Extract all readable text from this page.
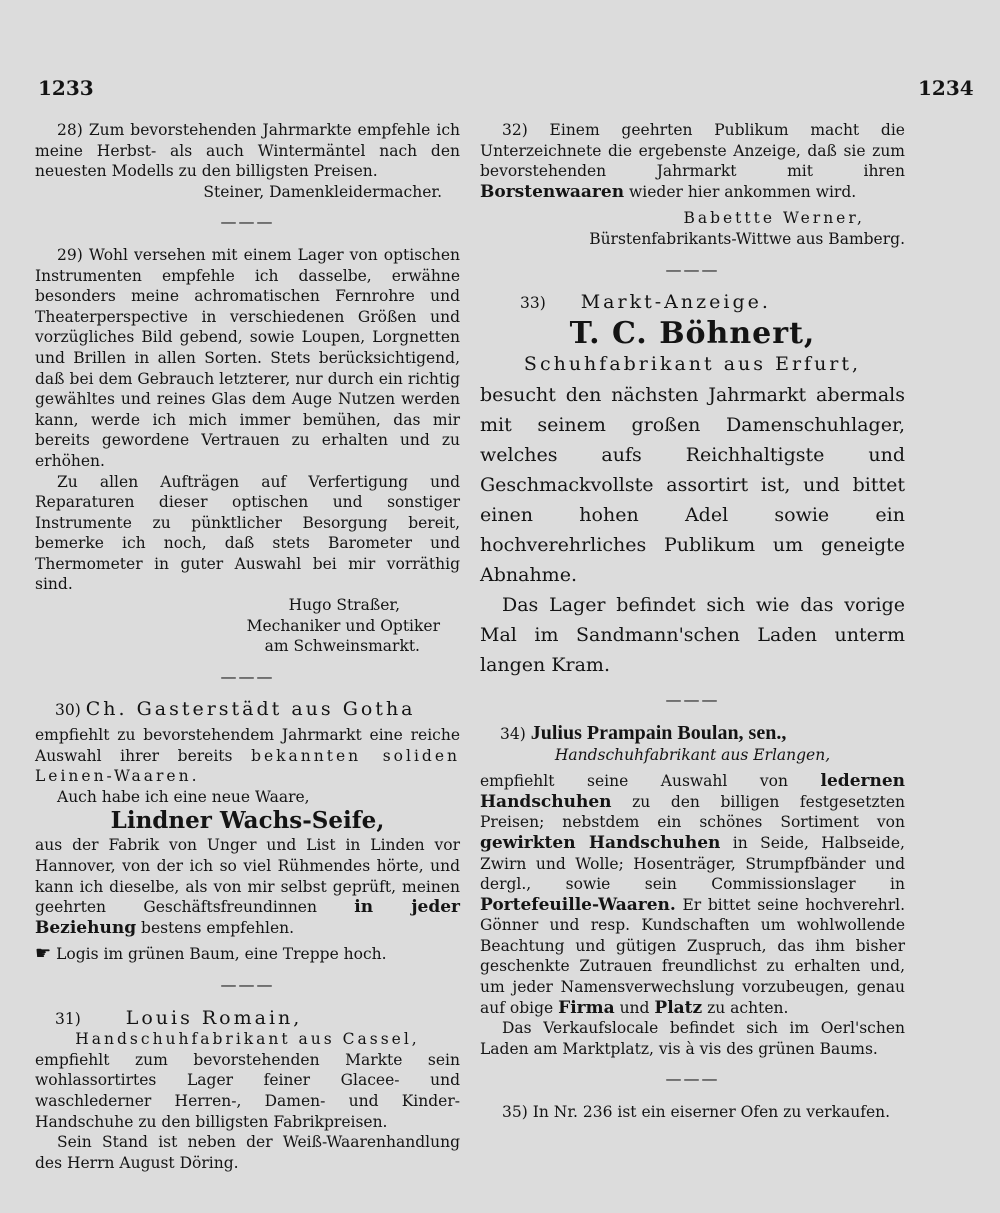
1233	1234

28) Zum bevorstehenden Jahrmarkte empfehle ich meine Herbst- als auch Wintermäntel nach den neuesten Modells zu den billigsten Preisen.

Steiner, Damenkleidermacher.

———

29) Wohl versehen mit einem Lager von optischen Instrumenten empfehle ich dasselbe, erwähne besonders meine achromatischen Fernrohre und Theaterperspective in verschiedenen Größen und vorzügliches Bild gebend, sowie Loupen, Lorgnetten und Brillen in allen Sorten. Stets berücksichtigend, daß bei dem Gebrauch letzterer, nur durch ein richtig gewähltes und reines Glas dem Auge Nutzen werden kann, werde ich mich immer bemühen, das mir bereits gewordene Vertrauen zu erhalten und zu erhöhen.

Zu allen Aufträgen auf Verfertigung und Reparaturen dieser optischen und sonstiger Instrumente zu pünktlicher Besorgung bereit, bemerke ich noch, daß stets Barometer und Thermometer in guter Auswahl bei mir vorräthig sind.

Hugo Straßer,

Mechaniker und Optiker

am Schweinsmarkt.

———

30) Ch. Gasterstädt aus Gotha

empfiehlt zu bevorstehendem Jahrmarkt eine reiche Auswahl ihrer bereits bekannten soliden Leinen-Waaren.

Auch habe ich eine neue Waare,

Lindner Wachs-Seife,

aus der Fabrik von Unger und List in Linden vor Hannover, von der ich so viel Rühmendes hörte, und kann ich dieselbe, als von mir selbst geprüft, meinen geehrten Geschäftsfreundinnen in jeder Beziehung bestens empfehlen.

☛ Logis im grünen Baum, eine Treppe hoch.

———

31) Louis Romain,

Handschuhfabrikant aus Cassel,

empfiehlt zum bevorstehenden Markte sein wohlassortirtes Lager feiner Glacee- und waschlederner Herren-, Damen- und Kinder-Handschuhe zu den billigsten Fabrikpreisen.

Sein Stand ist neben der Weiß-Waarenhandlung des Herrn August Döring.

32) Einem geehrten Publikum macht die Unterzeichnete die ergebenste Anzeige, daß sie zum bevorstehenden Jahrmarkt mit ihren Borstenwaaren wieder hier ankommen wird.

Babettte Werner,

Bürstenfabrikants-Wittwe aus Bamberg.

———

33) Markt-Anzeige.

T. C. Böhnert,

Schuhfabrikant aus Erfurt,

besucht den nächsten Jahrmarkt abermals mit seinem großen Damenschuhlager, welches aufs Reichhaltigste und Geschmackvollste assortirt ist, und bittet einen hohen Adel sowie ein hochverehrliches Publikum um geneigte Abnahme.

Das Lager befindet sich wie das vorige Mal im Sandmann'schen Laden unterm langen Kram.

———

34) Julius Prampain Boulan, sen.,

Handschuhfabrikant aus Erlangen,

empfiehlt seine Auswahl von ledernen Handschuhen zu den billigen festgesetzten Preisen; nebstdem ein schönes Sortiment von gewirkten Handschuhen in Seide, Halbseide, Zwirn und Wolle; Hosenträger, Strumpfbänder und dergl., sowie sein Commissionslager in Portefeuille-Waaren. Er bittet seine hochverehrl. Gönner und resp. Kundschaften um wohlwollende Beachtung und gütigen Zuspruch, das ihm bisher geschenkte Zutrauen freundlichst zu erhalten und, um jeder Namensverwechslung vorzubeugen, genau auf obige Firma und Platz zu achten.

Das Verkaufslocale befindet sich im Oerl'schen Laden am Marktplatz, vis à vis des grünen Baums.

———

35) In Nr. 236 ist ein eiserner Ofen zu verkaufen.
